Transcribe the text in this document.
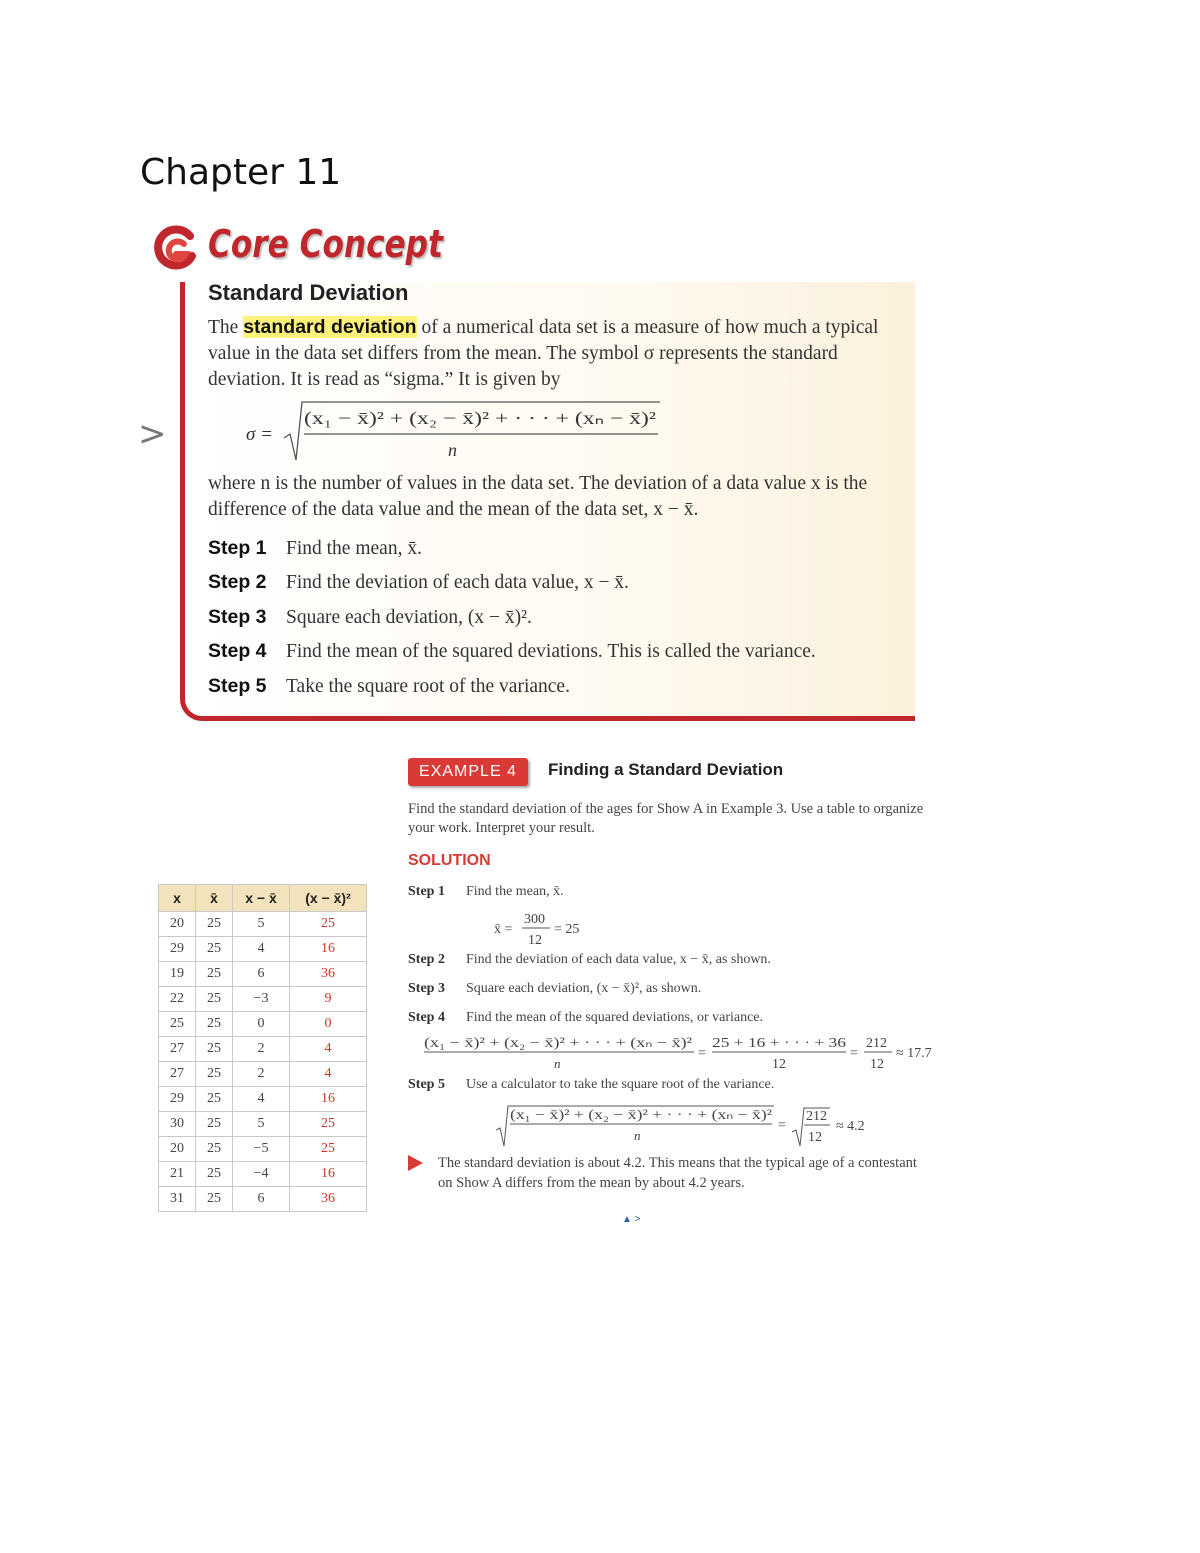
Chapter 11
Core Concept
>
Standard Deviation
The standard deviation of a numerical data set is a measure of how much a typical value in the data set differs from the mean. The symbol σ represents the standard deviation. It is read as “sigma.” It is given by
σ =
(x₁ − x̄)² + (x₂ − x̄)² + · · · + (xₙ − x̄)²
n
where n is the number of values in the data set. The deviation of a data value x is the difference of the data value and the mean of the data set, x − x̄.
Step 1 Find the mean, x̄.
Step 2 Find the deviation of each data value, x − x̄.
Step 3 Square each deviation, (x − x̄)².
Step 4 Find the mean of the squared deviations. This is called the variance.
Step 5 Take the square root of the variance.
EXAMPLE 4	Finding a Standard Deviation
Find the standard deviation of the ages for Show A in Example 3. Use a table to organize your work. Interpret your result.
SOLUTION
Step 1 Find the mean, x̄.
x̄ =
300
12
= 25
Step 2 Find the deviation of each data value, x − x̄, as shown.
Step 3 Square each deviation, (x − x̄)², as shown.
Step 4 Find the mean of the squared deviations, or variance.
(x₁ − x̄)² + (x₂ − x̄)² + · · · + (xₙ − x̄)²
n
=
25 + 16 + · · · + 36
12
=
212
12
≈ 17.7
Step 5 Use a calculator to take the square root of the variance.
(x₁ − x̄)² + (x₂ − x̄)² + · · · + (xₙ − x̄)²
n
=
212
12
≈ 4.2
The standard deviation is about 4.2. This means that the typical age of a contestant on Show A differs from the mean by about 4.2 years.
▲ >
x	x̄	x − x̄	(x − x̄)²
20	25	5	25
29	25	4	16
19	25	6	36
22	25	−3	9
25	25	0	0
27	25	2	4
27	25	2	4
29	25	4	16
30	25	5	25
20	25	−5	25
21	25	−4	16
31	25	6	36
